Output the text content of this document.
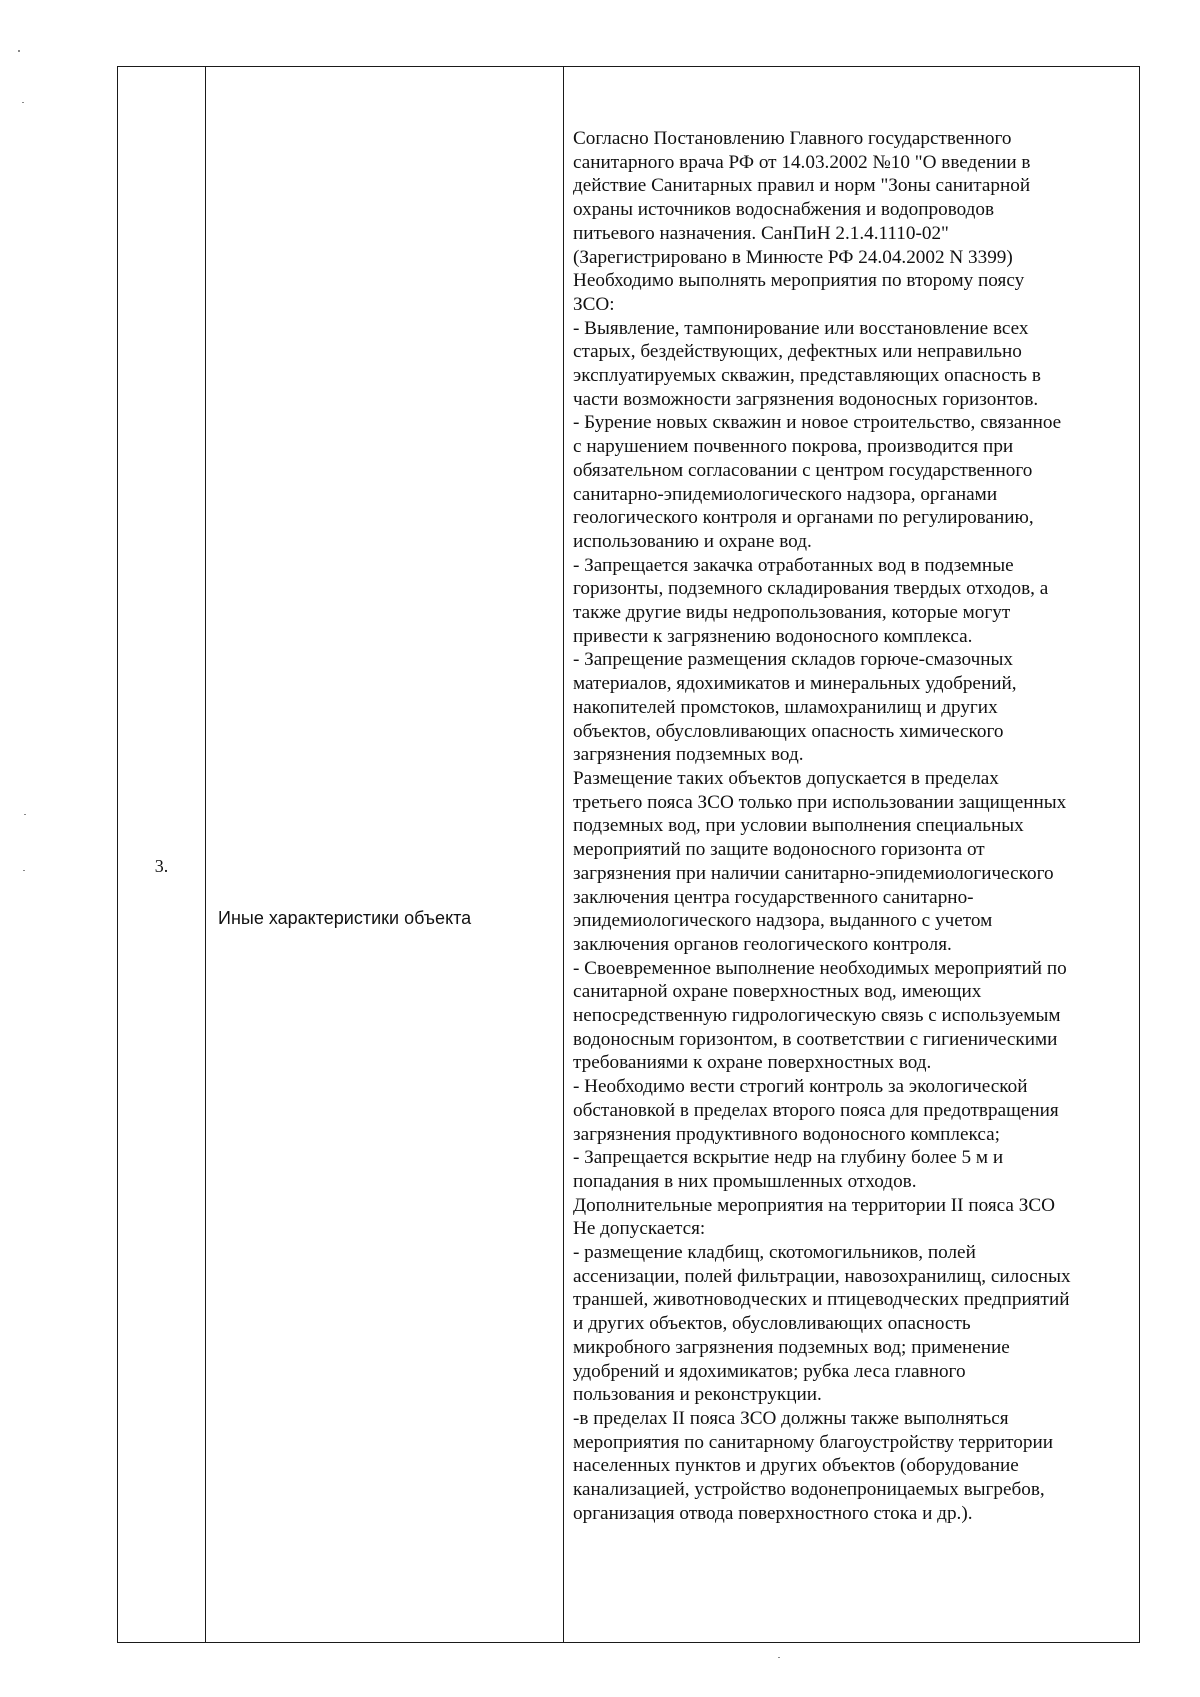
3.
Иные характеристики объекта
Согласно Постановлению Главного государственного
санитарного врача РФ от 14.03.2002 №10 "О введении в
действие Санитарных правил и норм "Зоны санитарной
охраны источников водоснабжения и водопроводов
питьевого назначения. СанПиН 2.1.4.1110-02"
(Зарегистрировано в Минюсте РФ 24.04.2002 N 3399)
Необходимо выполнять мероприятия по второму поясу
ЗСО:
- Выявление, тампонирование или восстановление всех
старых, бездействующих, дефектных или неправильно
эксплуатируемых скважин, представляющих опасность в
части возможности загрязнения водоносных горизонтов.
- Бурение новых скважин и новое строительство, связанное
с нарушением почвенного покрова, производится при
обязательном согласовании с центром государственного
санитарно-эпидемиологического надзора, органами
геологического контроля и органами по регулированию,
использованию и охране вод.
- Запрещается закачка отработанных вод в подземные
горизонты, подземного складирования твердых отходов, а
также другие виды недропользования, которые могут
привести к загрязнению водоносного комплекса.
- Запрещение размещения складов горюче-смазочных
материалов, ядохимикатов и минеральных удобрений,
накопителей промстоков, шламохранилищ и других
объектов, обусловливающих опасность химического
загрязнения подземных вод.
Размещение таких объектов допускается в пределах
третьего пояса ЗСО только при использовании защищенных
подземных вод, при условии выполнения специальных
мероприятий по защите водоносного горизонта от
загрязнения при наличии санитарно-эпидемиологического
заключения центра государственного санитарно-
эпидемиологического надзора, выданного с учетом
заключения органов геологического контроля.
- Своевременное выполнение необходимых мероприятий по
санитарной охране поверхностных вод, имеющих
непосредственную гидрологическую связь с используемым
водоносным горизонтом, в соответствии с гигиеническими
требованиями к охране поверхностных вод.
- Необходимо вести строгий контроль за экологической
обстановкой в пределах второго пояса для предотвращения
загрязнения продуктивного водоносного комплекса;
- Запрещается вскрытие недр на глубину более 5 м и
попадания в них промышленных отходов.
Дополнительные мероприятия на территории II пояса ЗСО
Не допускается:
- размещение кладбищ, скотомогильников, полей
ассенизации, полей фильтрации, навозохранилищ, силосных
траншей, животноводческих и птицеводческих предприятий
и других объектов, обусловливающих опасность
микробного загрязнения подземных вод; применение
удобрений и ядохимикатов; рубка леса главного
пользования и реконструкции.
-в пределах II пояса ЗСО должны также выполняться
мероприятия по санитарному благоустройству территории
населенных пунктов и других объектов (оборудование
канализацией, устройство водонепроницаемых выгребов,
организация отвода поверхностного стока и др.).
